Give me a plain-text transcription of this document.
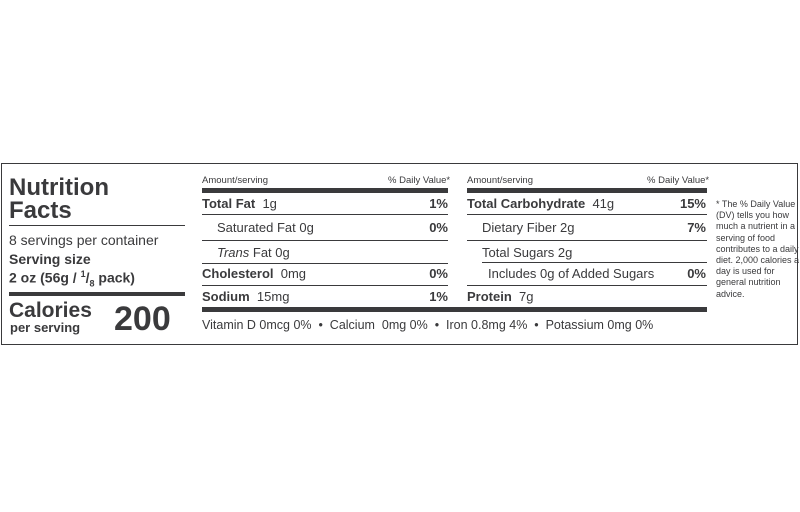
Nutrition
Facts
8 servings per container
Serving size
2 oz ($56g / ^1/_8$ pack)
Calories
per serving 200
Amount/serving	% Daily Value*
Total Fat 1g	1%
Saturated Fat 0g	0%
Trans Fat 0g
Cholesterol 0mg	0%
Sodium 15mg	1%
Amount/serving	% Daily Value*
Total Carbohydrate 41g	15%
Dietary Fiber 2g	7%
Total Sugars 2g
Includes 0g of Added Sugars	0%
Protein 7g
Vitamin D 0mcg 0%  •  Calcium  0mg 0%  •  Iron 0.8mg 4%  •  Potassium 0mg 0%
* The % Daily Value
(DV) tells you how
much a nutrient in a
serving of food
contributes to a daily
diet. 2,000 calories a
day is used for
general nutrition
advice.
